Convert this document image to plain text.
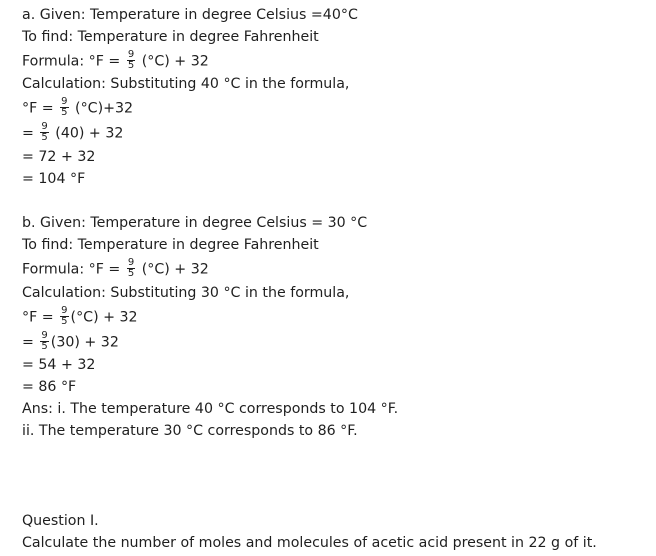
a. Given: Temperature in degree Celsius =40°C
To find: Temperature in degree Fahrenheit
Formula: $^\circ F = \frac{9}{5} (^\circ C) + 32$
Calculation: Substituting 40 °C in the formula,
$^\circ F = \frac{9}{5} (^\circ C)+32$
= $\frac{9}{5} (40) + 32$
= 72 + 32
= 104 °F
b. Given: Temperature in degree Celsius = 30 °C
To find: Temperature in degree Fahrenheit
Formula: $^\circ F = \frac{9}{5} (^\circ C) + 32$
Calculation: Substituting 30 °C in the formula,
$^\circ F = \frac{9}{5} (^\circ C) + 32$
= $\frac{9}{5} (30) + 32$
= 54 + 32
= 86 °F
Ans: i. The temperature 40 °C corresponds to 104 °F.
ii. The temperature 30 °C corresponds to 86 °F.
Question I.
Calculate the number of moles and molecules of acetic acid present in 22 g of it.
